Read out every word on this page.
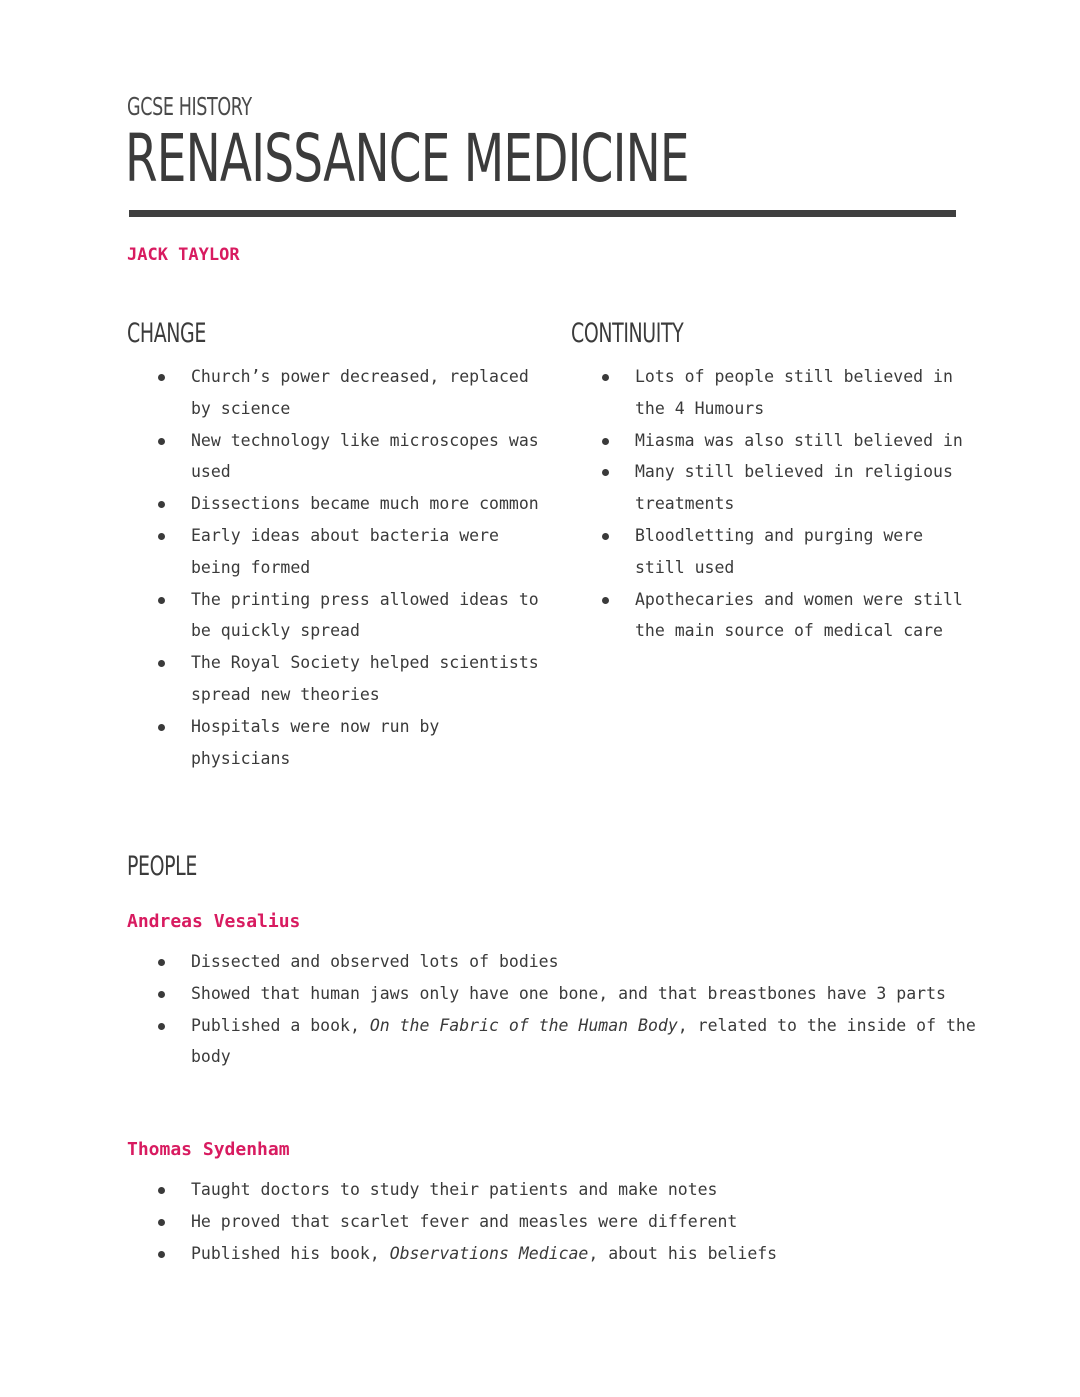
GCSE HISTORY
RENAISSANCE MEDICINE
JACK TAYLOR
CHANGE
Church’s power decreased, replaced by science
New technology like microscopes was used
Dissections became much more common
Early ideas about bacteria were being formed
The printing press allowed ideas to be quickly spread
The Royal Society helped scientists spread new theories
Hospitals were now run by physicians
CONTINUITY
Lots of people still believed in the 4 Humours
Miasma was also still believed in
Many still believed in religious treatments
Bloodletting and purging were still used
Apothecaries and women were still the main source of medical care
PEOPLE
Andreas Vesalius
Dissected and observed lots of bodies
Showed that human jaws only have one bone, and that breastbones have 3 parts
Published a book, On the Fabric of the Human Body, related to the inside of the body
Thomas Sydenham
Taught doctors to study their patients and make notes
He proved that scarlet fever and measles were different
Published his book, Observations Medicae, about his beliefs
